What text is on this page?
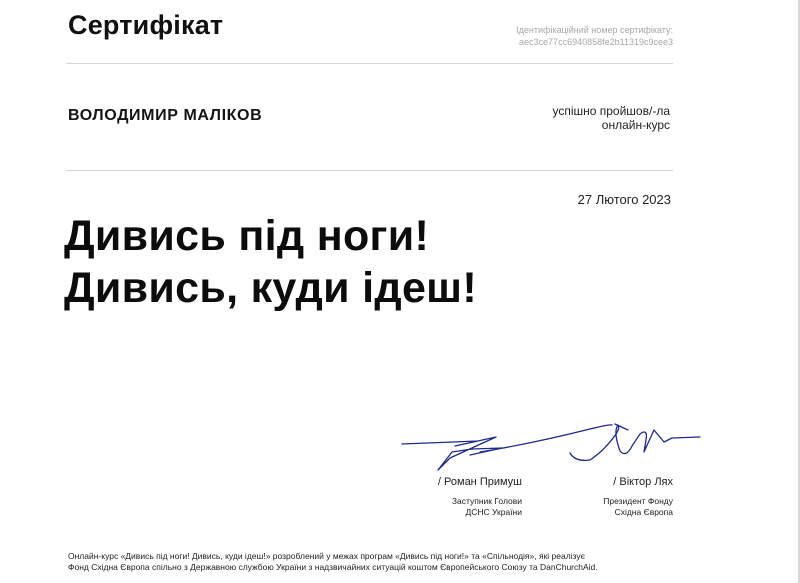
Сертифікат	Ідентифікаційний номер сертифікату:
aec3ce77cc6940858fe2b11319c9cee3
ВОЛОДИМИР МАЛІКОВ	успішно пройшов/-ла
онлайн-курс
27 Лютого 2023
Дивись під ноги!
Дивись, куди ідеш!
/ Роман Примуш
Заступник Голови
ДСНС України
/ Віктор Лях
Президент Фонду
Східна Європа
Онлайн-курс «Дивись під ноги! Дивись, куди ідеш!» розроблений у межах програм «Дивись під ноги!» та «Спільнодія», які реалізує
Фонд Східна Європа спільно з Державною службою України з надзвичайних ситуацій коштом Європейського Союзу та DanChurchAid.
